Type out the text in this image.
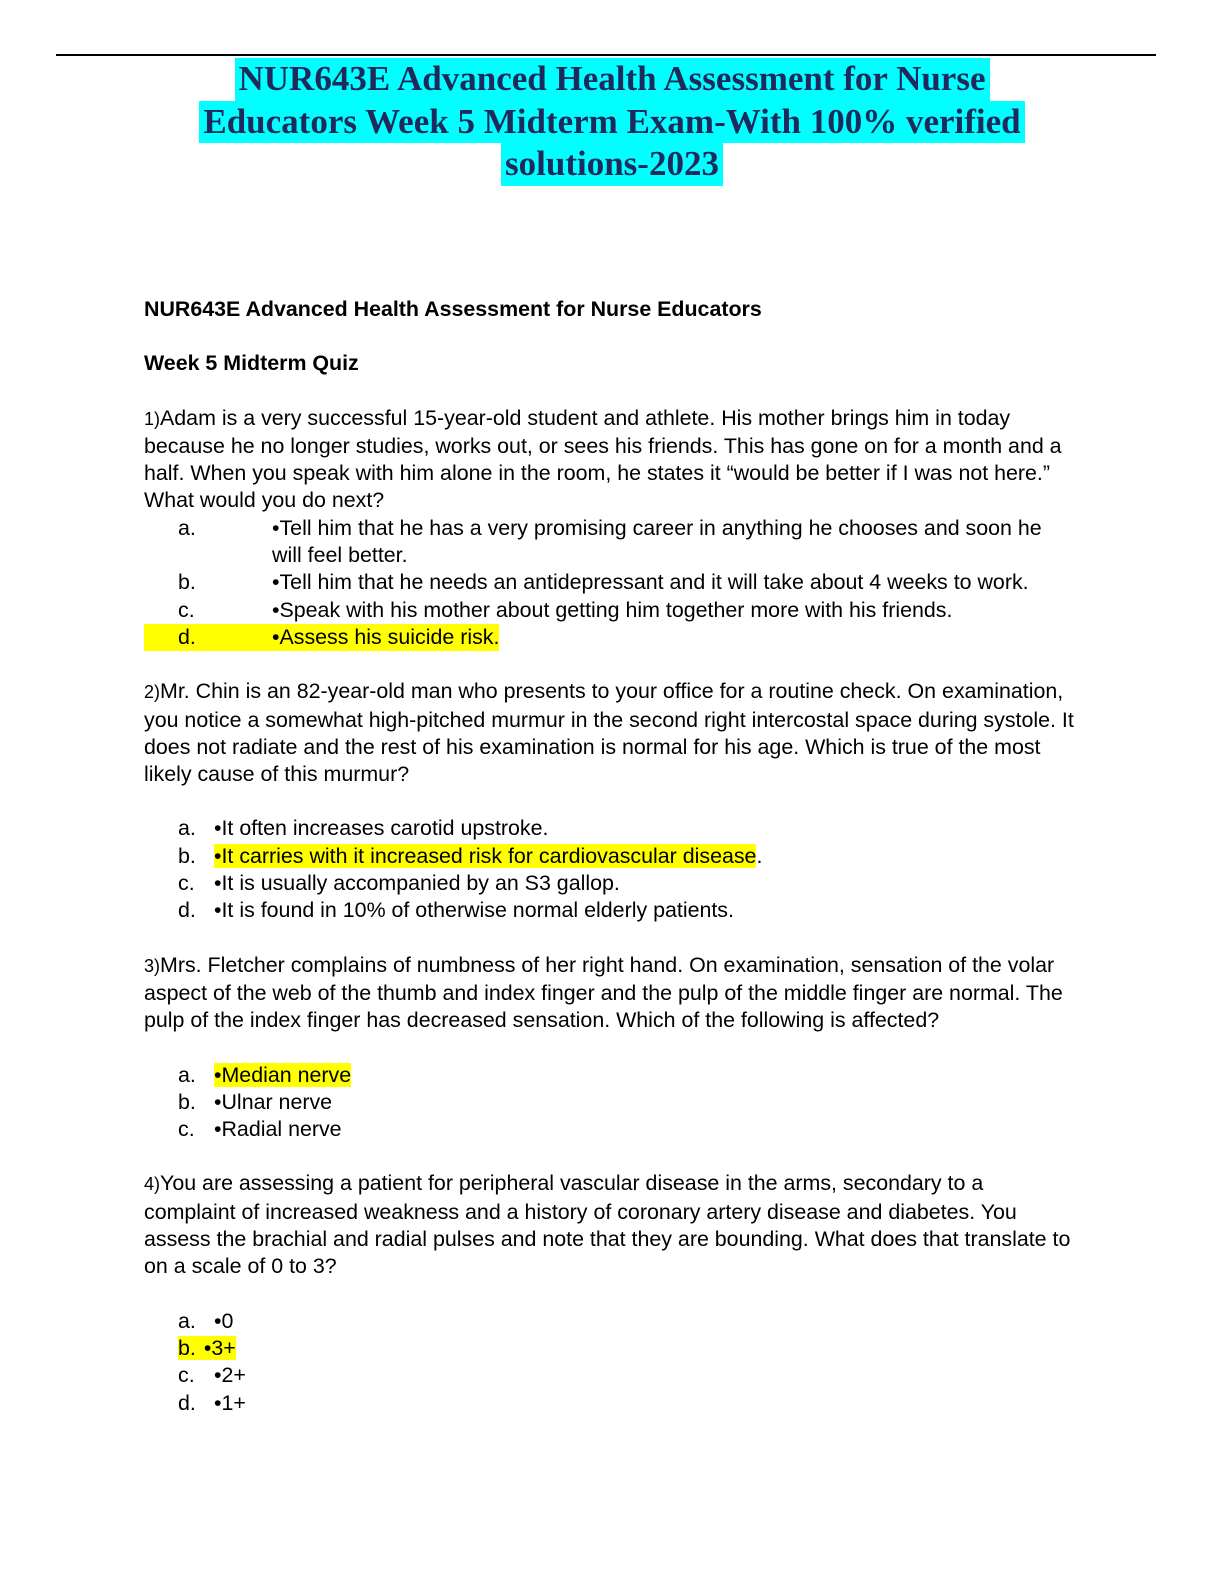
NUR643E Advanced Health Assessment for Nurse
Educators Week 5 Midterm Exam-With 100% verified
solutions-2023

NUR643E Advanced Health Assessment for Nurse Educators

Week 5 Midterm Quiz

1)Adam is a very successful 15-year-old student and athlete. His mother brings him in today because he no longer studies, works out, or sees his friends. This has gone on for a month and a half. When you speak with him alone in the room, he states it “would be better if I was not here.” What would you do next?
a.	•Tell him that he has a very promising career in anything he chooses and soon he will feel better.
b.	•Tell him that he needs an antidepressant and it will take about 4 weeks to work.
c.	•Speak with his mother about getting him together more with his friends.
d.	•Assess his suicide risk.
2)Mr. Chin is an 82-year-old man who presents to your office for a routine check. On examination, you notice a somewhat high-pitched murmur in the second right intercostal space during systole. It does not radiate and the rest of his examination is normal for his age. Which is true of the most likely cause of this murmur?
a. •It often increases carotid upstroke.
b. •It carries with it increased risk for cardiovascular disease.
c. •It is usually accompanied by an S3 gallop.
d. •It is found in 10% of otherwise normal elderly patients.
3)Mrs. Fletcher complains of numbness of her right hand. On examination, sensation of the volar aspect of the web of the thumb and index finger and the pulp of the middle finger are normal. The pulp of the index finger has decreased sensation. Which of the following is affected?
a. •Median nerve
b. •Ulnar nerve
c. •Radial nerve
4)You are assessing a patient for peripheral vascular disease in the arms, secondary to a complaint of increased weakness and a history of coronary artery disease and diabetes. You assess the brachial and radial pulses and note that they are bounding. What does that translate to on a scale of 0 to 3?
a. •0
b. •3+
c. •2+
d. •1+
